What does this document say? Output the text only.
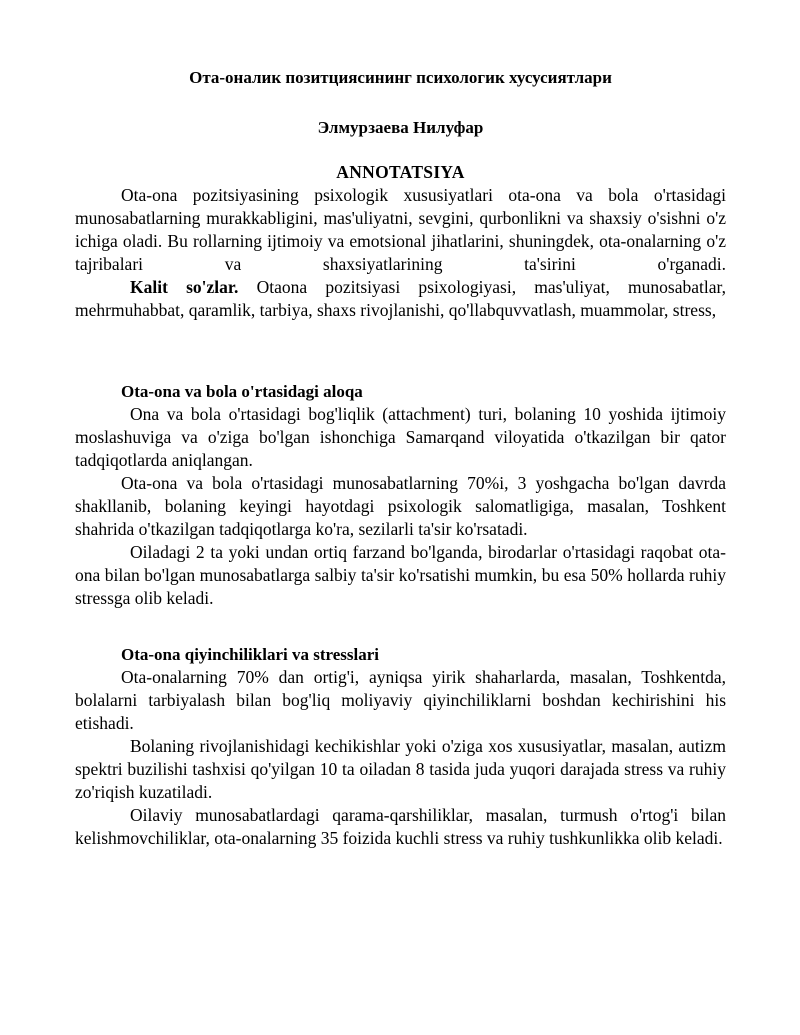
Ота-оналик позитциясининг психологик хусусиятлари

Элмурзаева Нилуфар

ANNOTATSIYA

Ota-ona pozitsiyasining psixologik xususiyatlari ota-ona va bola o'rtasidagi munosabatlarning murakkabligini, mas'uliyatni, sevgini, qurbonlikni va shaxsiy o'sishni o'z ichiga oladi. Bu rollarning ijtimoiy va emotsional jihatlarini, shuningdek, ota-onalarning o'z tajribalari va shaxsiyatlarining ta'sirini o'rganadi.

Kalit so'zlar. Otaona pozitsiyasi psixologiyasi, mas'uliyat, munosabatlar, mehrmuhabbat, qaramlik, tarbiya, shaxs rivojlanishi, qo'llabquvvatlash, muammolar, stress,

Ota-ona va bola o'rtasidagi aloqa

Ona va bola o'rtasidagi bog'liqlik (attachment) turi, bolaning 10 yoshida ijtimoiy moslashuviga va o'ziga bo'lgan ishonchiga Samarqand viloyatida o'tkazilgan bir qator tadqiqotlarda aniqlangan.

Ota-ona va bola o'rtasidagi munosabatlarning 70%i, 3 yoshgacha bo'lgan davrda shakllanib, bolaning keyingi hayotdagi psixologik salomatligiga, masalan, Toshkent shahrida o'tkazilgan tadqiqotlarga ko'ra, sezilarli ta'sir ko'rsatadi.

Oiladagi 2 ta yoki undan ortiq farzand bo'lganda, birodarlar o'rtasidagi raqobat ota-ona bilan bo'lgan munosabatlarga salbiy ta'sir ko'rsatishi mumkin, bu esa 50% hollarda ruhiy stressga olib keladi.

Ota-ona qiyinchiliklari va stresslari

Ota-onalarning 70% dan ortig'i, ayniqsa yirik shaharlarda, masalan, Toshkentda, bolalarni tarbiyalash bilan bog'liq moliyaviy qiyinchiliklarni boshdan kechirishini his etishadi.

Bolaning rivojlanishidagi kechikishlar yoki o'ziga xos xususiyatlar, masalan, autizm spektri buzilishi tashxisi qo'yilgan 10 ta oiladan 8 tasida juda yuqori darajada stress va ruhiy zo'riqish kuzatiladi.

Oilaviy munosabatlardagi qarama-qarshiliklar, masalan, turmush o'rtog'i bilan kelishmovchiliklar, ota-onalarning 35 foizida kuchli stress va ruhiy tushkunlikka olib keladi.
